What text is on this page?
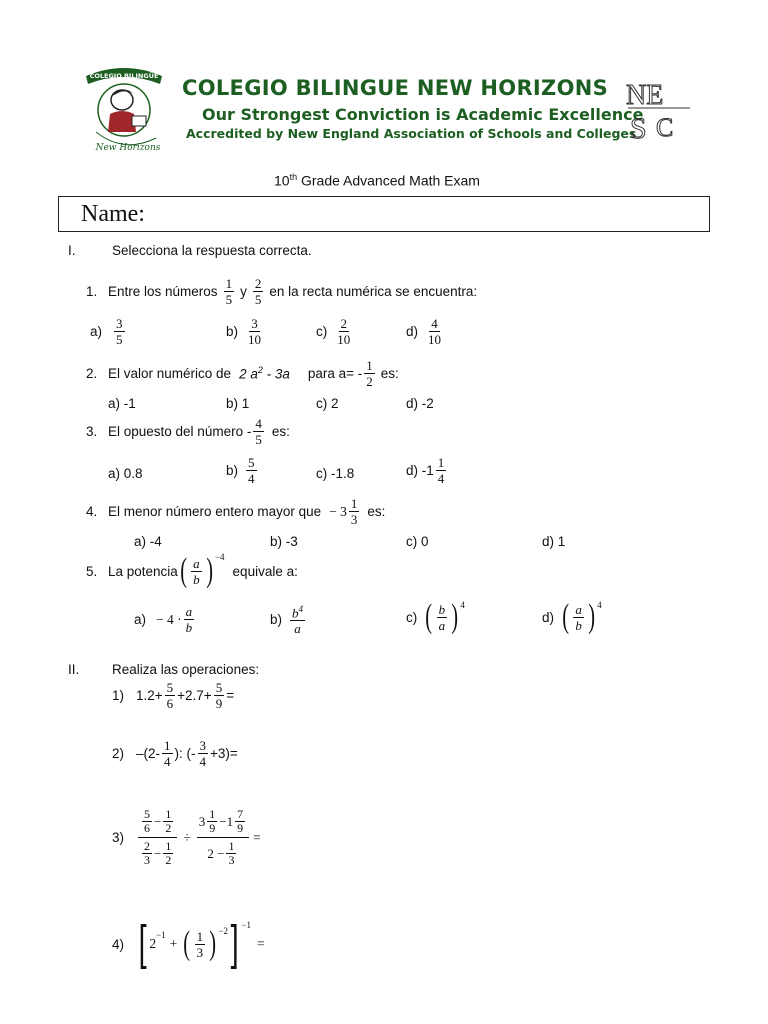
COLEGIO BILINGÜE
New Horizons
COLEGIO BILINGUE NEW HORIZONS
Our Strongest Conviction is Academic Excellence
Accredited by New England Association of Schools and Colleges
NE
S C
10th Grade Advanced Math Exam
Name:
I.	Selecciona la respuesta correcta.
1. Entre los números $\frac{1}{5}$ y $\frac{2}{5}$ en la recta numérica se encuentra:
$a) \frac{3}{5}$	$b) \frac{3}{10}$	$c) \frac{2}{10}$	$d) \frac{4}{10}$
2. El valor numérico de 2 $a^2 - 3a$ para $a= - \frac{1}{2}$ es:
a) -1	b) 1	c) 2	d) -2
3. El opuesto del número - $\frac{4}{5}$ es:
a) 0.8	$b) \frac{5}{4}$	c) -1.8	d) $-1 \frac{1}{4}$
4. El menor número entero mayor que − $3 \frac{1}{3}$ es:
a) -4	b) -3	c) 0	d) 1
5. La potencia ( $\frac{a}{b}$ ) $^{-4}$
equivale a:
$a) - 4 \cdot \frac{a}{b}$	$b) \frac{b^4}{a}$	c) ( $\frac{b}{a}$ ) $^4$
d) ( $\frac{a}{b}$ ) $^4$
II. Realiza las operaciones:
1) $1.2+ \frac{5}{6} +2.7+ \frac{5}{9}$ =
2) $-(2- \frac{1}{4}$ ): (- $\frac{3}{4} +3)=$
3)	$\frac{\frac{5}{6} - \frac{1}{2}}{\frac{2}{3} - \frac{1}{2}} \div \frac{3 \frac{1}{9} -1 \frac{7}{9}}{2 - \frac{1}{3}}$ =
4) [ 2
$^{-1}$
+ ( $\frac{1}{3}$ ) $^{-2}$ ] $^{-1}$
=
